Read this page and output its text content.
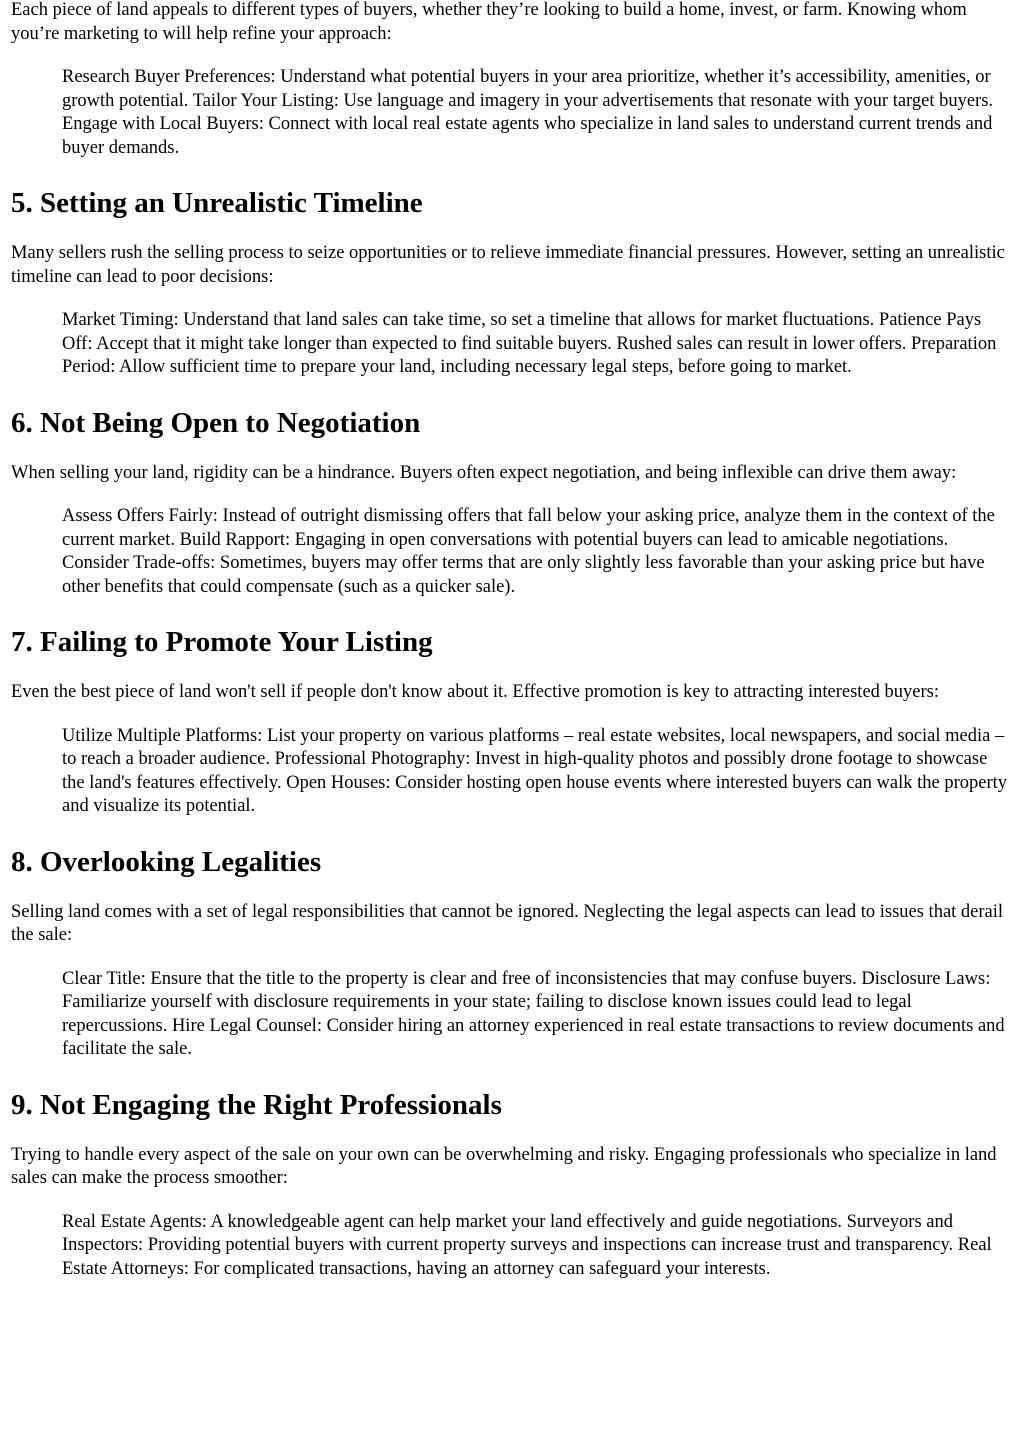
Each piece of land appeals to different types of buyers, whether they’re looking to build a home, invest, or farm. Knowing whom you’re marketing to will help refine your approach:

Research Buyer Preferences: Understand what potential buyers in your area prioritize, whether it’s accessibility, amenities, or growth potential. Tailor Your Listing: Use language and imagery in your advertisements that resonate with your target buyers. Engage with Local Buyers: Connect with local real estate agents who specialize in land sales to understand current trends and buyer demands.

5. Setting an Unrealistic Timeline

Many sellers rush the selling process to seize opportunities or to relieve immediate financial pressures. However, setting an unrealistic timeline can lead to poor decisions:

Market Timing: Understand that land sales can take time, so set a timeline that allows for market fluctuations. Patience Pays Off: Accept that it might take longer than expected to find suitable buyers. Rushed sales can result in lower offers. Preparation Period: Allow sufficient time to prepare your land, including necessary legal steps, before going to market.

6. Not Being Open to Negotiation

When selling your land, rigidity can be a hindrance. Buyers often expect negotiation, and being inflexible can drive them away:

Assess Offers Fairly: Instead of outright dismissing offers that fall below your asking price, analyze them in the context of the current market. Build Rapport: Engaging in open conversations with potential buyers can lead to amicable negotiations. Consider Trade-offs: Sometimes, buyers may offer terms that are only slightly less favorable than your asking price but have other benefits that could compensate (such as a quicker sale).

7. Failing to Promote Your Listing

Even the best piece of land won't sell if people don't know about it. Effective promotion is key to attracting interested buyers:

Utilize Multiple Platforms: List your property on various platforms – real estate websites, local newspapers, and social media – to reach a broader audience. Professional Photography: Invest in high-quality photos and possibly drone footage to showcase the land's features effectively. Open Houses: Consider hosting open house events where interested buyers can walk the property and visualize its potential.

8. Overlooking Legalities

Selling land comes with a set of legal responsibilities that cannot be ignored. Neglecting the legal aspects can lead to issues that derail the sale:

Clear Title: Ensure that the title to the property is clear and free of inconsistencies that may confuse buyers. Disclosure Laws: Familiarize yourself with disclosure requirements in your state; failing to disclose known issues could lead to legal repercussions. Hire Legal Counsel: Consider hiring an attorney experienced in real estate transactions to review documents and facilitate the sale.

9. Not Engaging the Right Professionals

Trying to handle every aspect of the sale on your own can be overwhelming and risky. Engaging professionals who specialize in land sales can make the process smoother:

Real Estate Agents: A knowledgeable agent can help market your land effectively and guide negotiations. Surveyors and Inspectors: Providing potential buyers with current property surveys and inspections can increase trust and transparency. Real Estate Attorneys: For complicated transactions, having an attorney can safeguard your interests.
